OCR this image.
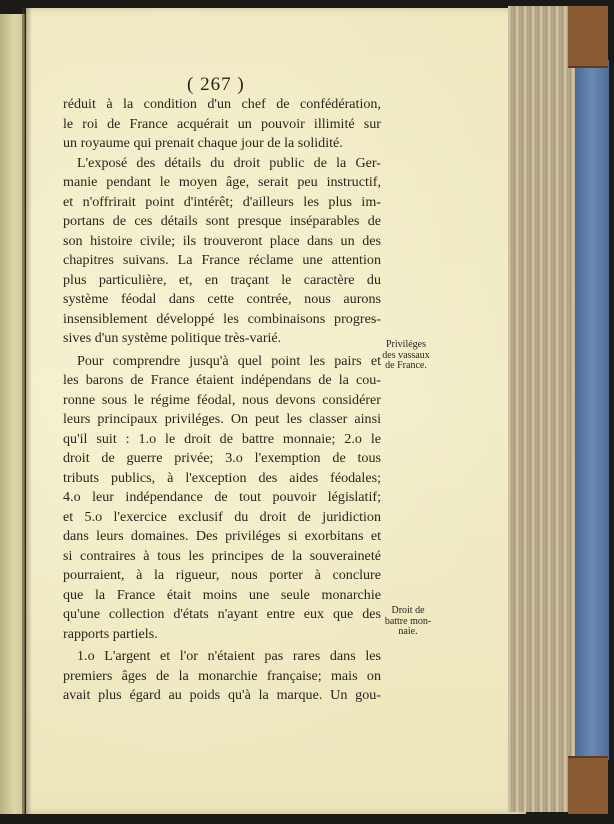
( 267 )
réduit à la condition d'un chef de confédération,
le roi de France acquérait un pouvoir illimité sur
un royaume qui prenait chaque jour de la solidité.
L'exposé des détails du droit public de la Ger-
manie pendant le moyen âge, serait peu instructif,
et n'offrirait point d'intérêt; d'ailleurs les plus im-
portans de ces détails sont presque inséparables de
son histoire civile; ils trouveront place dans un des
chapitres suivans. La France réclame une attention
plus particulière, et, en traçant le caractère du
système féodal dans cette contrée, nous aurons
insensiblement développé les combinaisons progres-
sives d'un système politique très-varié.
Pour comprendre jusqu'à quel point les pairs et
les barons de France étaient indépendans de la cou-
ronne sous le régime féodal, nous devons considérer
leurs principaux priviléges. On peut les classer ainsi
qu'il suit : 1.o le droit de battre monnaie; 2.o le
droit de guerre privée; 3.o l'exemption de tous
tributs publics, à l'exception des aides féodales;
4.o leur indépendance de tout pouvoir législatif;
et 5.o l'exercice exclusif du droit de juridiction
dans leurs domaines. Des priviléges si exorbitans et
si contraires à tous les principes de la souveraineté
pourraient, à la rigueur, nous porter à conclure
que la France était moins une seule monarchie
qu'une collection d'états n'ayant entre eux que des
rapports partiels.
1.o L'argent et l'or n'étaient pas rares dans les
premiers âges de la monarchie française; mais on
avait plus égard au poids qu'à la marque. Un gou-
Priviléges
des vassaux
de France.
Droit de
battre mon-
naie.
